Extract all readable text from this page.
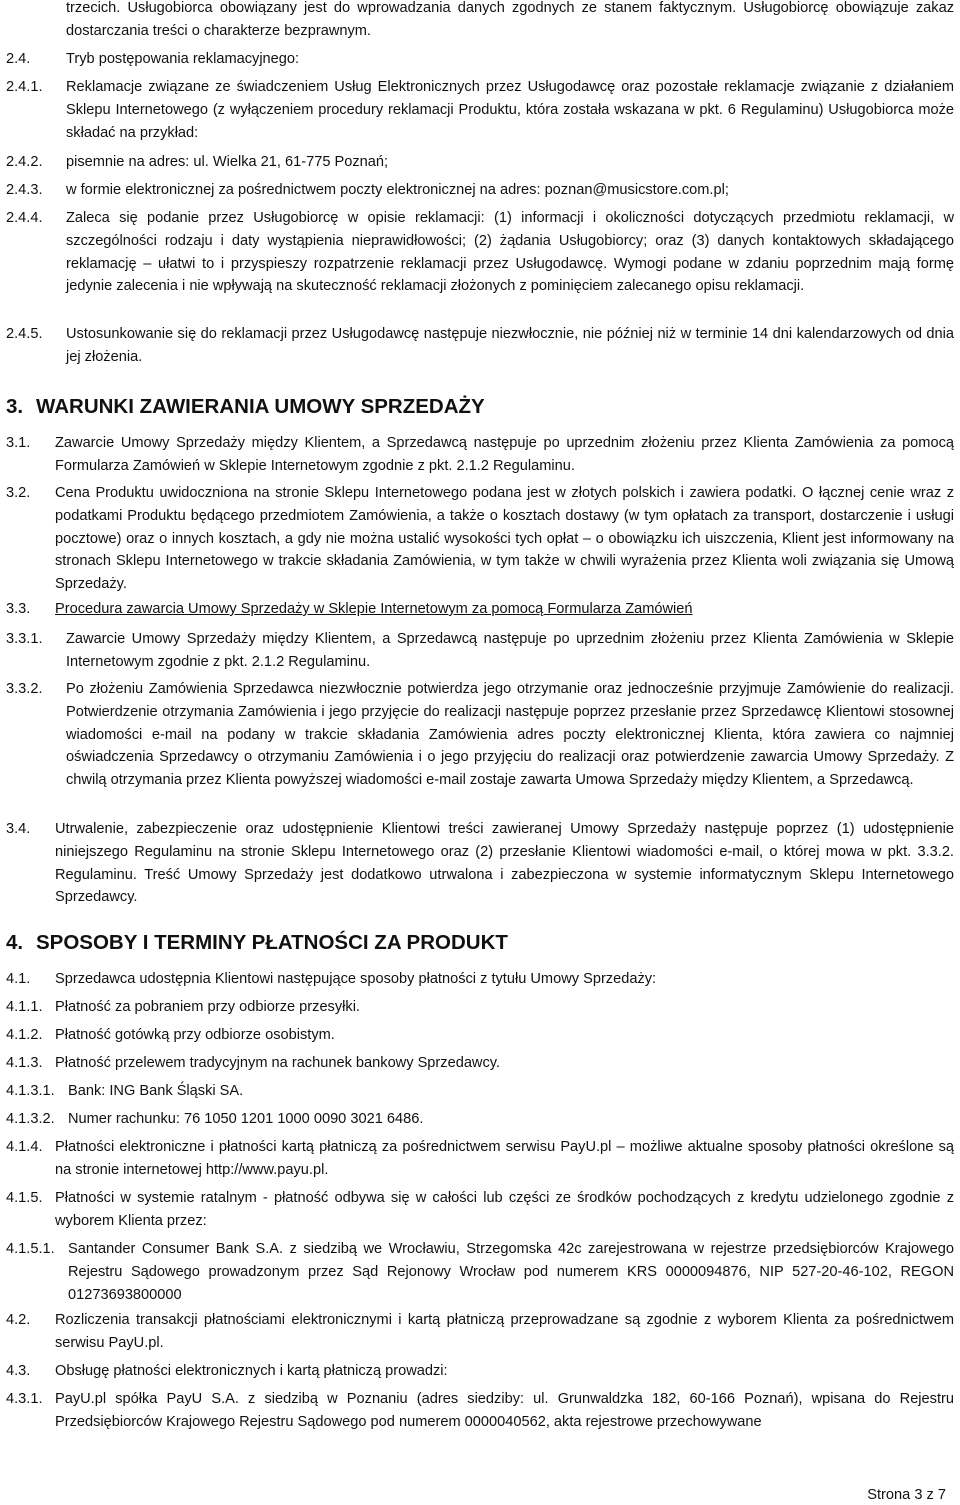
trzecich. Usługobiorca obowiązany jest do wprowadzania danych zgodnych ze stanem faktycznym. Usługobiorcę obowiązuje zakaz dostarczania treści o charakterze bezprawnym.
2.4. Tryb postępowania reklamacyjnego:
2.4.1. Reklamacje związane ze świadczeniem Usług Elektronicznych przez Usługodawcę oraz pozostałe reklamacje związanie z działaniem Sklepu Internetowego (z wyłączeniem procedury reklamacji Produktu, która została wskazana w pkt. 6 Regulaminu) Usługobiorca może składać na przykład:
2.4.2. pisemnie na adres: ul. Wielka 21, 61-775 Poznań;
2.4.3. w formie elektronicznej za pośrednictwem poczty elektronicznej na adres: poznan@musicstore.com.pl;
2.4.4. Zaleca się podanie przez Usługobiorcę w opisie reklamacji: (1) informacji i okoliczności dotyczących przedmiotu reklamacji, w szczególności rodzaju i daty wystąpienia nieprawidłowości; (2) żądania Usługobiorcy; oraz (3) danych kontaktowych składającego reklamację – ułatwi to i przyspieszy rozpatrzenie reklamacji przez Usługodawcę. Wymogi podane w zdaniu poprzednim mają formę jedynie zalecenia i nie wpływają na skuteczność reklamacji złożonych z pominięciem zalecanego opisu reklamacji.
2.4.5. Ustosunkowanie się do reklamacji przez Usługodawcę następuje niezwłocznie, nie później niż w terminie 14 dni kalendarzowych od dnia jej złożenia.
3. WARUNKI ZAWIERANIA UMOWY SPRZEDAŻY
3.1. Zawarcie Umowy Sprzedaży między Klientem, a Sprzedawcą następuje po uprzednim złożeniu przez Klienta Zamówienia za pomocą Formularza Zamówień w Sklepie Internetowym zgodnie z pkt. 2.1.2 Regulaminu.
3.2. Cena Produktu uwidoczniona na stronie Sklepu Internetowego podana jest w złotych polskich i zawiera podatki. O łącznej cenie wraz z podatkami Produktu będącego przedmiotem Zamówienia, a także o kosztach dostawy (w tym opłatach za transport, dostarczenie i usługi pocztowe) oraz o innych kosztach, a gdy nie można ustalić wysokości tych opłat – o obowiązku ich uiszczenia, Klient jest informowany na stronach Sklepu Internetowego w trakcie składania Zamówienia, w tym także w chwili wyrażenia przez Klienta woli związania się Umową Sprzedaży.
3.3. Procedura zawarcia Umowy Sprzedaży w Sklepie Internetowym za pomocą Formularza Zamówień
3.3.1. Zawarcie Umowy Sprzedaży między Klientem, a Sprzedawcą następuje po uprzednim złożeniu przez Klienta Zamówienia w Sklepie Internetowym zgodnie z pkt. 2.1.2 Regulaminu.
3.3.2. Po złożeniu Zamówienia Sprzedawca niezwłocznie potwierdza jego otrzymanie oraz jednocześnie przyjmuje Zamówienie do realizacji. Potwierdzenie otrzymania Zamówienia i jego przyjęcie do realizacji następuje poprzez przesłanie przez Sprzedawcę Klientowi stosownej wiadomości e-mail na podany w trakcie składania Zamówienia adres poczty elektronicznej Klienta, która zawiera co najmniej oświadczenia Sprzedawcy o otrzymaniu Zamówienia i o jego przyjęciu do realizacji oraz potwierdzenie zawarcia Umowy Sprzedaży. Z chwilą otrzymania przez Klienta powyższej wiadomości e-mail zostaje zawarta Umowa Sprzedaży między Klientem, a Sprzedawcą.
3.4. Utrwalenie, zabezpieczenie oraz udostępnienie Klientowi treści zawieranej Umowy Sprzedaży następuje poprzez (1) udostępnienie niniejszego Regulaminu na stronie Sklepu Internetowego oraz (2) przesłanie Klientowi wiadomości e-mail, o której mowa w pkt. 3.3.2. Regulaminu. Treść Umowy Sprzedaży jest dodatkowo utrwalona i zabezpieczona w systemie informatycznym Sklepu Internetowego Sprzedawcy.
4. SPOSOBY I TERMINY PŁATNOŚCI ZA PRODUKT
4.1. Sprzedawca udostępnia Klientowi następujące sposoby płatności z tytułu Umowy Sprzedaży:
4.1.1. Płatność za pobraniem przy odbiorze przesyłki.
4.1.2. Płatność gotówką przy odbiorze osobistym.
4.1.3. Płatność przelewem tradycyjnym na rachunek bankowy Sprzedawcy.
4.1.3.1. Bank: ING Bank Śląski SA.
4.1.3.2. Numer rachunku: 76 1050 1201 1000 0090 3021 6486.
4.1.4. Płatności elektroniczne i płatności kartą płatniczą za pośrednictwem serwisu PayU.pl – możliwe aktualne sposoby płatności określone są na stronie internetowej http://www.payu.pl.
4.1.5. Płatności w systemie ratalnym - płatność odbywa się w całości lub części ze środków pochodzących z kredytu udzielonego zgodnie z wyborem Klienta przez:
4.1.5.1. Santander Consumer Bank S.A. z siedzibą we Wrocławiu, Strzegomska 42c zarejestrowana w rejestrze przedsiębiorców Krajowego Rejestru Sądowego prowadzonym przez Sąd Rejonowy Wrocław pod numerem KRS 0000094876, NIP 527-20-46-102, REGON 01273693800000
4.2. Rozliczenia transakcji płatnościami elektronicznymi i kartą płatniczą przeprowadzane są zgodnie z wyborem Klienta za pośrednictwem serwisu PayU.pl.
4.3. Obsługę płatności elektronicznych i kartą płatniczą prowadzi:
4.3.1. PayU.pl spółka PayU S.A. z siedzibą w Poznaniu (adres siedziby: ul. Grunwaldzka 182, 60-166 Poznań), wpisana do Rejestru Przedsiębiorców Krajowego Rejestru Sądowego pod numerem 0000040562, akta rejestrowe przechowywane
Strona 3 z 7
